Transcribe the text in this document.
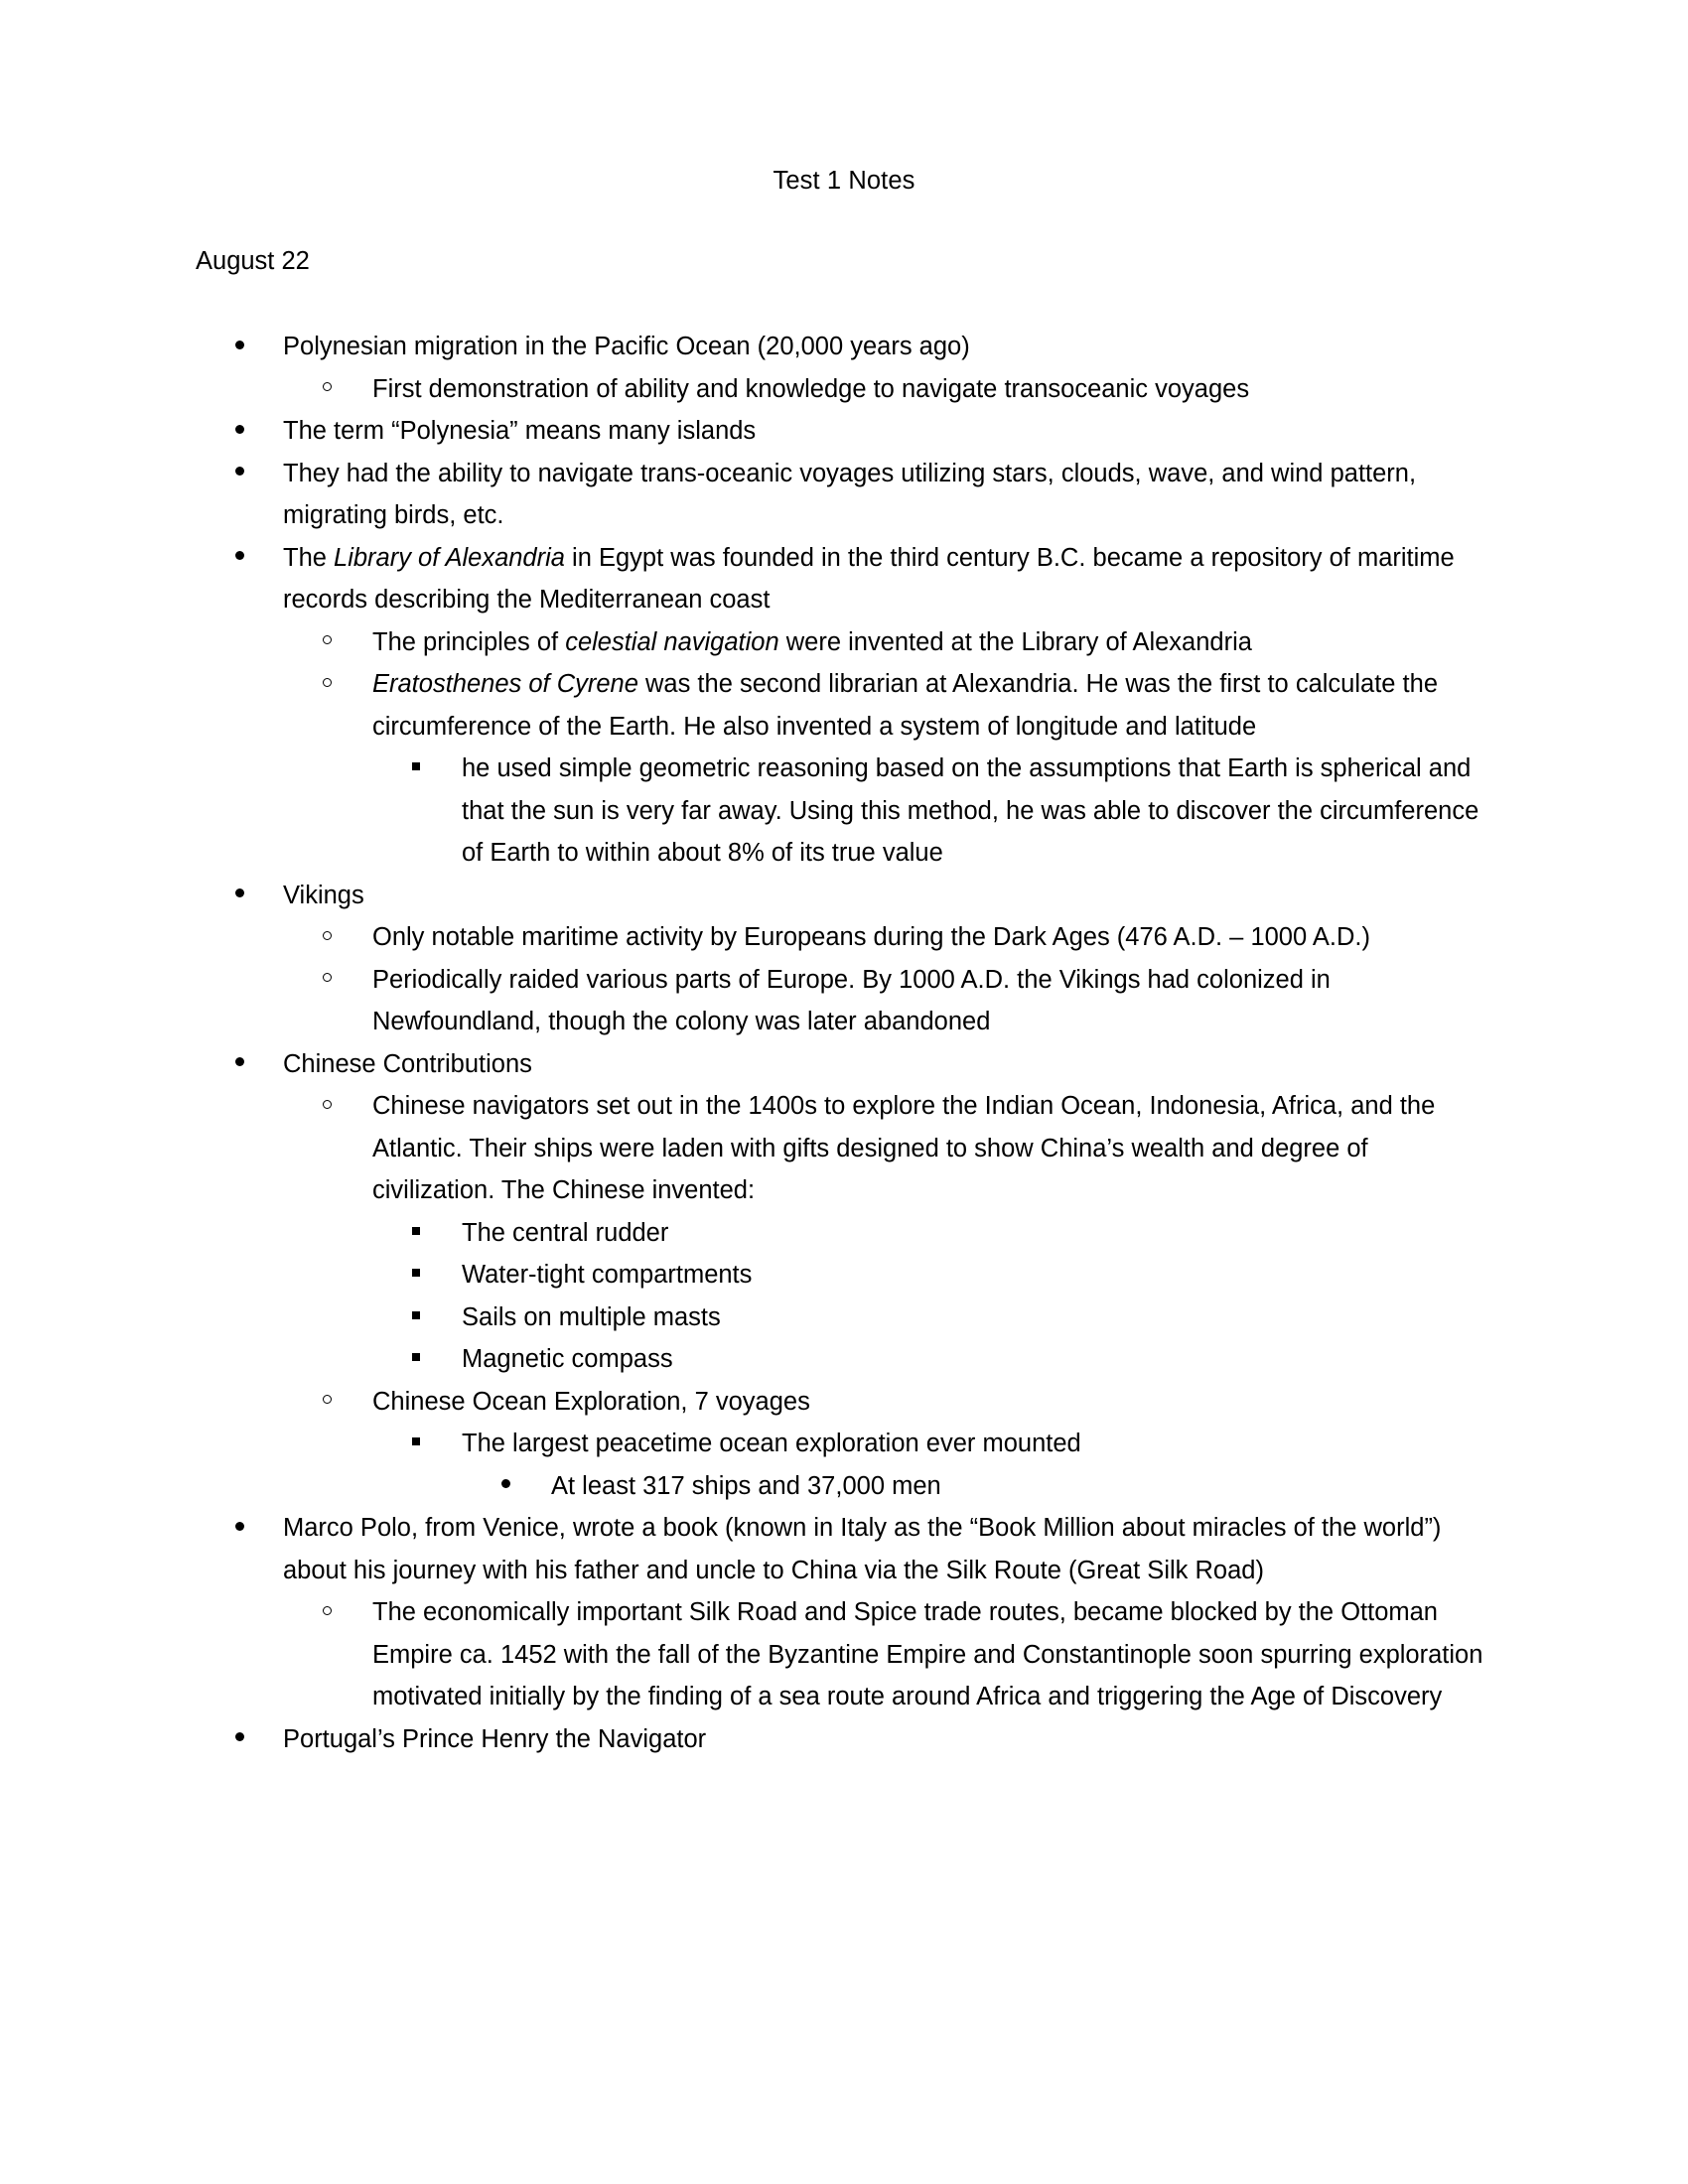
Test 1 Notes
August 22
Polynesian migration in the Pacific Ocean (20,000 years ago)
First demonstration of ability and knowledge to navigate transoceanic voyages
The term “Polynesia” means many islands
They had the ability to navigate trans-oceanic voyages utilizing stars, clouds, wave, and wind pattern, migrating birds, etc.
The Library of Alexandria in Egypt was founded in the third century B.C. became a repository of maritime records describing the Mediterranean coast
The principles of celestial navigation were invented at the Library of Alexandria
Eratosthenes of Cyrene was the second librarian at Alexandria. He was the first to calculate the circumference of the Earth. He also invented a system of longitude and latitude
he used simple geometric reasoning based on the assumptions that Earth is spherical and that the sun is very far away. Using this method, he was able to discover the circumference of Earth to within about 8% of its true value
Vikings
Only notable maritime activity by Europeans during the Dark Ages (476 A.D. – 1000 A.D.)
Periodically raided various parts of Europe. By 1000 A.D. the Vikings had colonized in Newfoundland, though the colony was later abandoned
Chinese Contributions
Chinese navigators set out in the 1400s to explore the Indian Ocean, Indonesia, Africa, and the Atlantic. Their ships were laden with gifts designed to show China’s wealth and degree of civilization. The Chinese invented:
The central rudder
Water-tight compartments
Sails on multiple masts
Magnetic compass
Chinese Ocean Exploration, 7 voyages
The largest peacetime ocean exploration ever mounted
At least 317 ships and 37,000 men
Marco Polo, from Venice, wrote a book (known in Italy as the “Book Million about miracles of the world”) about his journey with his father and uncle to China via the Silk Route (Great Silk Road)
The economically important Silk Road and Spice trade routes, became blocked by the Ottoman Empire ca. 1452 with the fall of the Byzantine Empire and Constantinople soon spurring exploration motivated initially by the finding of a sea route around Africa and triggering the Age of Discovery
Portugal’s Prince Henry the Navigator
